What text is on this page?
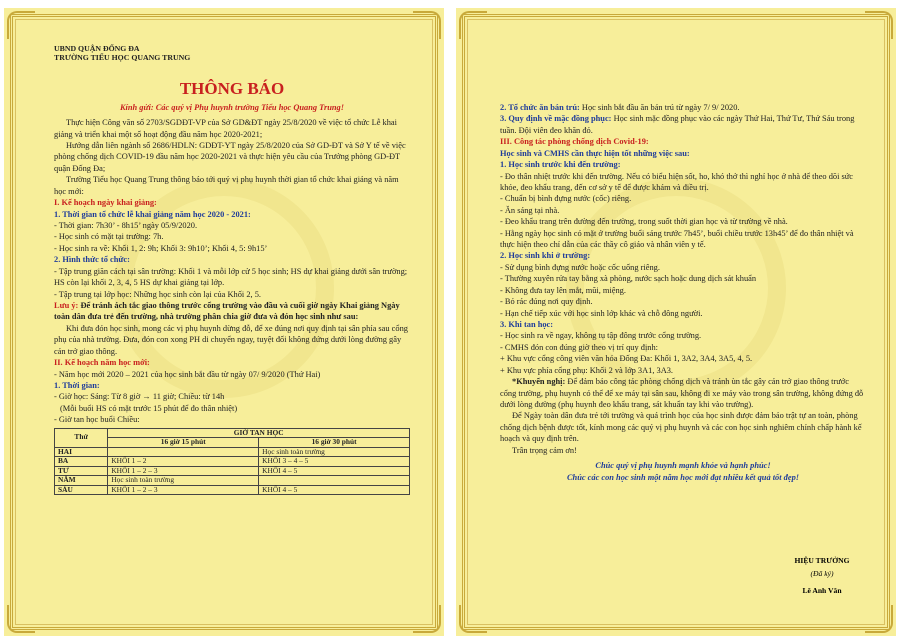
UBND QUẬN ĐỐNG ĐA

TRƯỜNG TIỂU HỌC QUANG TRUNG

THÔNG BÁO
Kính gửi: Các quý vị Phụ huynh trường Tiểu học Quang Trung!

Thực hiện Công văn số 2703/SGDĐT-VP của Sở GD&ĐT ngày 25/8/2020 về việc tổ chức Lễ khai giảng và triển khai một số hoạt động đầu năm học 2020-2021;

Hướng dẫn liên ngành số 2686/HDLN: GDĐT-YT ngày 25/8/2020 của Sở GD-ĐT và Sở Y tế về việc phòng chống dịch COVID-19 đầu năm học 2020-2021 và thực hiện yêu cầu của Trưởng phòng GD-ĐT quận Đống Đa;

Trường Tiểu học Quang Trung thông báo tới quý vị phụ huynh thời gian tổ chức khai giảng và năm học mới:

I. Kế hoạch ngày khai giảng:

1. Thời gian tổ chức lễ khai giảng năm học 2020 - 2021:

- Thời gian: 7h30’ - 8h15’ ngày 05/9/2020.

- Học sinh có mặt tại trường: 7h.

- Học sinh ra về: Khối 1, 2: 9h; Khối 3: 9h10’; Khối 4, 5: 9h15’

2. Hình thức tổ chức:

- Tập trung giãn cách tại sân trường: Khối 1 và mỗi lớp cử 5 học sinh; HS dự khai giảng dưới sân trường; HS còn lại khối 2, 3, 4, 5 HS dự khai giảng tại lớp.

- Tập trung tại lớp học: Những học sinh còn lại của Khối 2, 5.

Lưu ý: Để tránh ách tắc giao thông trước cổng trường vào đầu và cuối giờ ngày Khai giảng Ngày toàn dân đưa trẻ đến trường, nhà trường phân chia giờ đưa và đón học sinh như sau:

Khi đưa đón học sinh, mong các vị phụ huynh dừng đỗ, để xe đúng nơi quy định tại sân phía sau cổng phụ của nhà trường. Đưa, đón con xong PH di chuyển ngay, tuyệt đối không đứng dưới lòng đường gây cản trở giao thông.

II. Kế hoạch năm học mới:

- Năm học mới 2020 – 2021 của học sinh bắt đầu từ ngày 07/ 9/2020 (Thứ Hai)

1. Thời gian:

- Giờ học: Sáng: Từ 8 giờ → 11 giờ; Chiều: từ 14h

(Mỗi buổi HS có mặt trước 15 phút để đo thân nhiệt)

- Giờ tan học buổi Chiều:

Thứ	GIỜ TAN HỌC	
	16 giờ 15 phút	16 giờ 30 phút
HAI		Học sinh toàn trường
BA	KHỐI 1 – 2	KHỐI 3 – 4 – 5
TƯ	KHỐI 1 – 2 – 3	KHỐI 4 – 5
NĂM	Học sinh toàn trường	
SÁU	KHỐI 1 – 2 – 3	KHỐI 4 – 5

2. Tổ chức ăn bán trú: Học sinh bắt đầu ăn bán trú từ ngày 7/ 9/ 2020.

3. Quy định về mặc đồng phục: Học sinh mặc đồng phục vào các ngày Thứ Hai, Thứ Tư, Thứ Sáu trong tuần. Đội viên đeo khăn đỏ.

III. Công tác phòng chống dịch Covid-19:

Học sinh và CMHS cần thực hiện tốt những việc sau:

1. Học sinh trước khi đến trường:

- Đo thân nhiệt trước khi đến trường. Nếu có biểu hiện sốt, ho, khó thở thì nghỉ học ở nhà để theo dõi sức khỏe, đeo khẩu trang, đến cơ sở y tế để được khám và điều trị.

- Chuẩn bị bình đựng nước (cốc) riêng.

- Ăn sáng tại nhà.

- Đeo khẩu trang trên đường đến trường, trong suốt thời gian học và từ trường về nhà.

- Hằng ngày học sinh có mặt ở trường buổi sáng trước 7h45’, buổi chiều trước 13h45’ để đo thân nhiệt và thực hiện theo chỉ dẫn của các thầy cô giáo và nhân viên y tế.

2. Học sinh khi ở trường:

- Sử dụng bình đựng nước hoặc cốc uống riêng.

- Thường xuyên rửa tay bằng xà phòng, nước sạch hoặc dung dịch sát khuẩn

- Không đưa tay lên mắt, mũi, miệng.

- Bỏ rác đúng nơi quy định.

- Hạn chế tiếp xúc với học sinh lớp khác và chỗ đông người.

3. Khi tan học:

- Học sinh ra về ngay, không tụ tập đông trước cổng trường.

- CMHS đón con đúng giờ theo vị trí quy định:

+ Khu vực cổng công viên văn hóa Đống Đa: Khối 1, 3A2, 3A4, 3A5, 4, 5.

+ Khu vực phía cổng phụ: Khối 2 và lớp 3A1, 3A3.

*Khuyến nghị: Để đảm bảo công tác phòng chống dịch và tránh ùn tắc gây cản trở giao thông trước cổng trường, phụ huynh có thể để xe máy tại sân sau, không đi xe máy vào trong sân trường, không đứng đỗ dưới lòng đường (phụ huynh đeo khẩu trang, sát khuẩn tay khi vào trường).

Để Ngày toàn dân đưa trẻ tới trường và quá trình học của học sinh được đảm bảo trật tự an toàn, phòng chống dịch bệnh được tốt, kính mong các quý vị phụ huynh và các con học sinh nghiêm chỉnh chấp hành kế hoạch và quy định trên.

Trân trọng cảm ơn!

Chúc quý vị phụ huynh mạnh khỏe và hạnh phúc!

Chúc các con học sinh một năm học mới đạt nhiều kết quả tốt đẹp!

HIỆU TRƯỞNG
(Đã ký)
Lê Anh Vân
